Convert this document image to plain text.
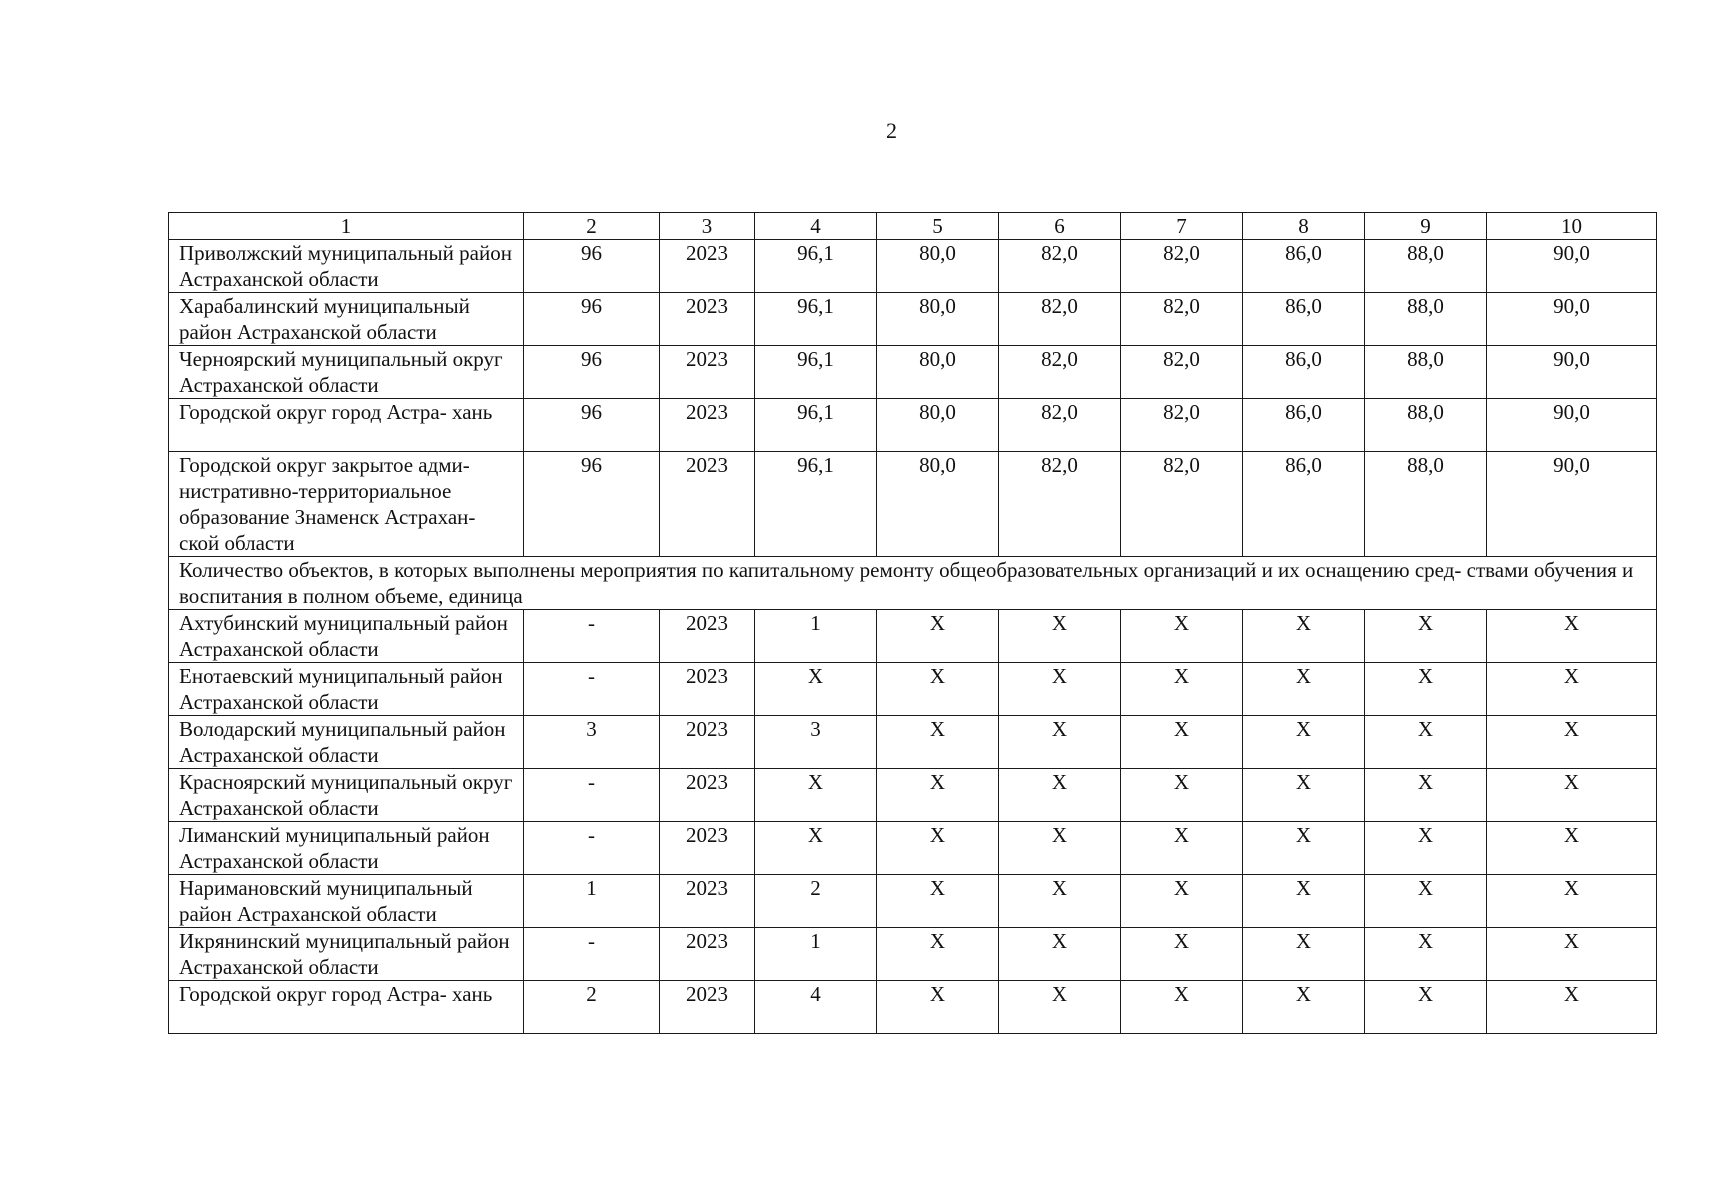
2
1	2	3	4	5	6	7	8	9	10
Приволжский муниципальный район Астраханской области	96	2023	96,1	80,0	82,0	82,0	86,0	88,0	90,0
Харабалинский муниципальный район Астраханской области	96	2023	96,1	80,0	82,0	82,0	86,0	88,0	90,0
Черноярский муниципальный округ Астраханской области	96	2023	96,1	80,0	82,0	82,0	86,0	88,0	90,0
Городской округ город Астра- хань	96	2023	96,1	80,0	82,0	82,0	86,0	88,0	90,0
Городской округ закрытое адми- нистративно-территориальное образование Знаменск Астрахан- ской области	96	2023	96,1	80,0	82,0	82,0	86,0	88,0	90,0
Количество объектов, в которых выполнены мероприятия по капитальному ремонту общеобразовательных организаций и их оснащению сред- ствами обучения и воспитания в полном объеме, единица									
Ахтубинский муниципальный район Астраханской области	-	2023	1	X	X	X	X	X	X
Енотаевский муниципальный район Астраханской области	-	2023	X	X	X	X	X	X	X
Володарский муниципальный район Астраханской области	3	2023	3	X	X	X	X	X	X
Красноярский муниципальный округ Астраханской области	-	2023	X	X	X	X	X	X	X
Лиманский муниципальный район Астраханской области	-	2023	X	X	X	X	X	X	X
Наримановский муниципальный район Астраханской области	1	2023	2	X	X	X	X	X	X
Икрянинский муниципальный район Астраханской области	-	2023	1	X	X	X	X	X	X
Городской округ город Астра- хань	2	2023	4	X	X	X	X	X	X
